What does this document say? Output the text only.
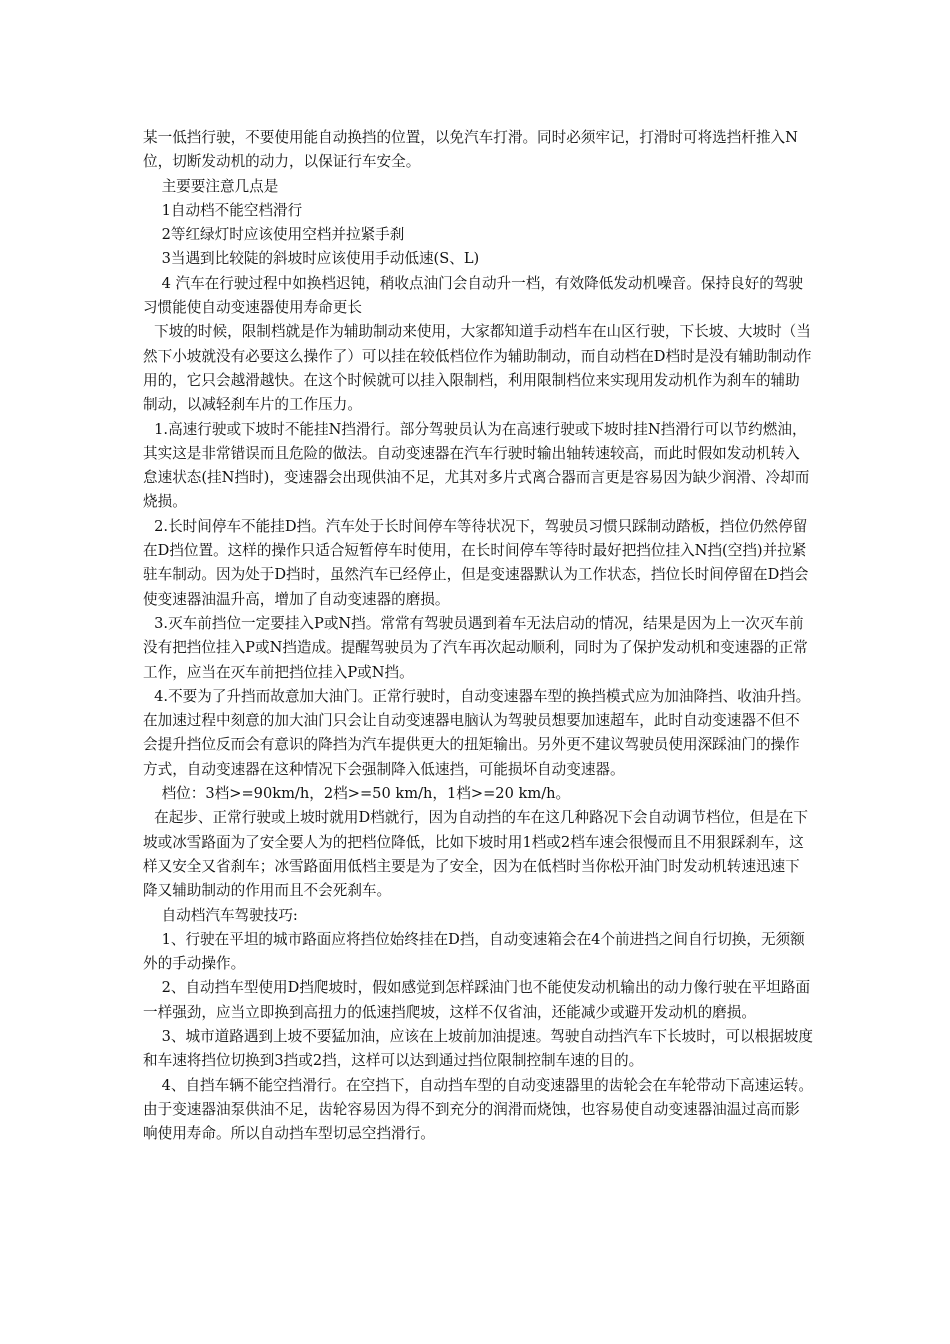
某一低挡行驶，不要使用能自动换挡的位置，以免汽车打滑。同时必须牢记，打滑时可将选挡杆推入N 位，切断发动机的动力，以保证行车安全。

主要要注意几点是

1自动档不能空档滑行

2等红绿灯时应该使用空档并拉紧手刹

3当遇到比较陡的斜坡时应该使用手动低速(S、L)

4 汽车在行驶过程中如换档迟钝，稍收点油门会自动升一档，有效降低发动机噪音。保持良好的驾驶习惯能使自动变速器使用寿命更长

下坡的时候，限制档就是作为辅助制动来使用，大家都知道手动档车在山区行驶，下长坡、大坡时（当然下小坡就没有必要这么操作了）可以挂在较低档位作为辅助制动，而自动档在D档时是没有辅助制动作用的，它只会越滑越快。在这个时候就可以挂入限制档，利用限制档位来实现用发动机作为刹车的辅助制动，以减轻刹车片的工作压力。

1.高速行驶或下坡时不能挂N挡滑行。部分驾驶员认为在高速行驶或下坡时挂N挡滑行可以节约燃油，其实这是非常错误而且危险的做法。自动变速器在汽车行驶时输出轴转速较高，而此时假如发动机转入怠速状态(挂N挡时)，变速器会出现供油不足，尤其对多片式离合器而言更是容易因为缺少润滑、冷却而烧损。

2.长时间停车不能挂D挡。汽车处于长时间停车等待状况下，驾驶员习惯只踩制动踏板，挡位仍然停留在D挡位置。这样的操作只适合短暂停车时使用，在长时间停车等待时最好把挡位挂入N挡(空挡)并拉紧驻车制动。因为处于D挡时，虽然汽车已经停止，但是变速器默认为工作状态，挡位长时间停留在D挡会使变速器油温升高，增加了自动变速器的磨损。

3.灭车前挡位一定要挂入P或N挡。常常有驾驶员遇到着车无法启动的情况，结果是因为上一次灭车前没有把挡位挂入P或N挡造成。提醒驾驶员为了汽车再次起动顺利，同时为了保护发动机和变速器的正常工作，应当在灭车前把挡位挂入P或N挡。

4.不要为了升挡而故意加大油门。正常行驶时，自动变速器车型的换挡模式应为加油降挡、收油升挡。在加速过程中刻意的加大油门只会让自动变速器电脑认为驾驶员想要加速超车，此时自动变速器不但不会提升挡位反而会有意识的降挡为汽车提供更大的扭矩输出。另外更不建议驾驶员使用深踩油门的操作方式，自动变速器在这种情况下会强制降入低速挡，可能损坏自动变速器。

档位：3档>=90km/h，2档>=50 km/h，1档>=20 km/h。

在起步、正常行驶或上坡时就用D档就行，因为自动挡的车在这几种路况下会自动调节档位，但是在下坡或冰雪路面为了安全要人为的把档位降低，比如下坡时用1档或2档车速会很慢而且不用狠踩刹车，这样又安全又省刹车；冰雪路面用低档主要是为了安全，因为在低档时当你松开油门时发动机转速迅速下降又辅助制动的作用而且不会死刹车。

自动档汽车驾驶技巧:

1、行驶在平坦的城市路面应将挡位始终挂在D挡，自动变速箱会在4个前进挡之间自行切换，无须额外的手动操作。

2、自动挡车型使用D挡爬坡时，假如感觉到怎样踩油门也不能使发动机输出的动力像行驶在平坦路面一样强劲，应当立即换到高扭力的低速挡爬坡，这样不仅省油，还能减少或避开发动机的磨损。

3、城市道路遇到上坡不要猛加油，应该在上坡前加油提速。驾驶自动挡汽车下长坡时，可以根据坡度和车速将挡位切换到3挡或2挡，这样可以达到通过挡位限制控制车速的目的。

4、自挡车辆不能空挡滑行。在空挡下，自动挡车型的自动变速器里的齿轮会在车轮带动下高速运转。由于变速器油泵供油不足，齿轮容易因为得不到充分的润滑而烧蚀，也容易使自动变速器油温过高而影响使用寿命。所以自动挡车型切忌空挡滑行。
